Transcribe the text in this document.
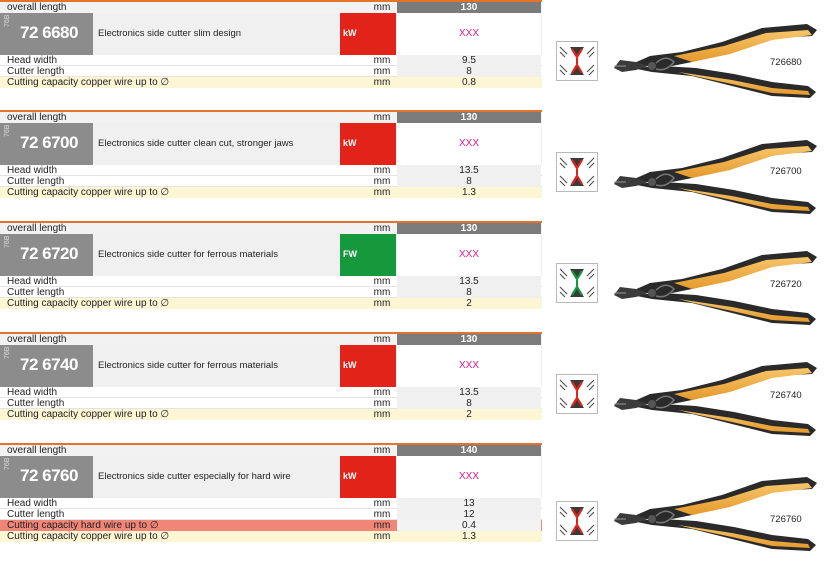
overall length	mm	130
76B
72 6680 Electronics side cutter slim design	kW	XXX
Head width	mm	9.5
Cutter length	mm	8
Cutting capacity copper wire up to ∅	mm	0.8
726680
overall length	mm	130
76B
72 6700 Electronics side cutter clean cut, stronger jaws	kW	XXX
Head width	mm	13.5
Cutter length	mm	8
Cutting capacity copper wire up to ∅	mm	1.3
726700
overall length	mm	130
76B
72 6720 Electronics side cutter for ferrous materials	FW	XXX
Head width	mm	13.5
Cutter length	mm	8
Cutting capacity copper wire up to ∅	mm	2
726720
overall length	mm	130
76B
72 6740 Electronics side cutter for ferrous materials	kW	XXX
Head width	mm	13.5
Cutter length	mm	8
Cutting capacity copper wire up to ∅	mm	2
726740
overall length	mm	140
76B
72 6760 Electronics side cutter especially for hard wire	kW	XXX
Head width	mm	13
Cutter length	mm	12
Cutting capacity hard wire up to ∅	mm	0.4
Cutting capacity copper wire up to ∅	mm	1.3
726760
